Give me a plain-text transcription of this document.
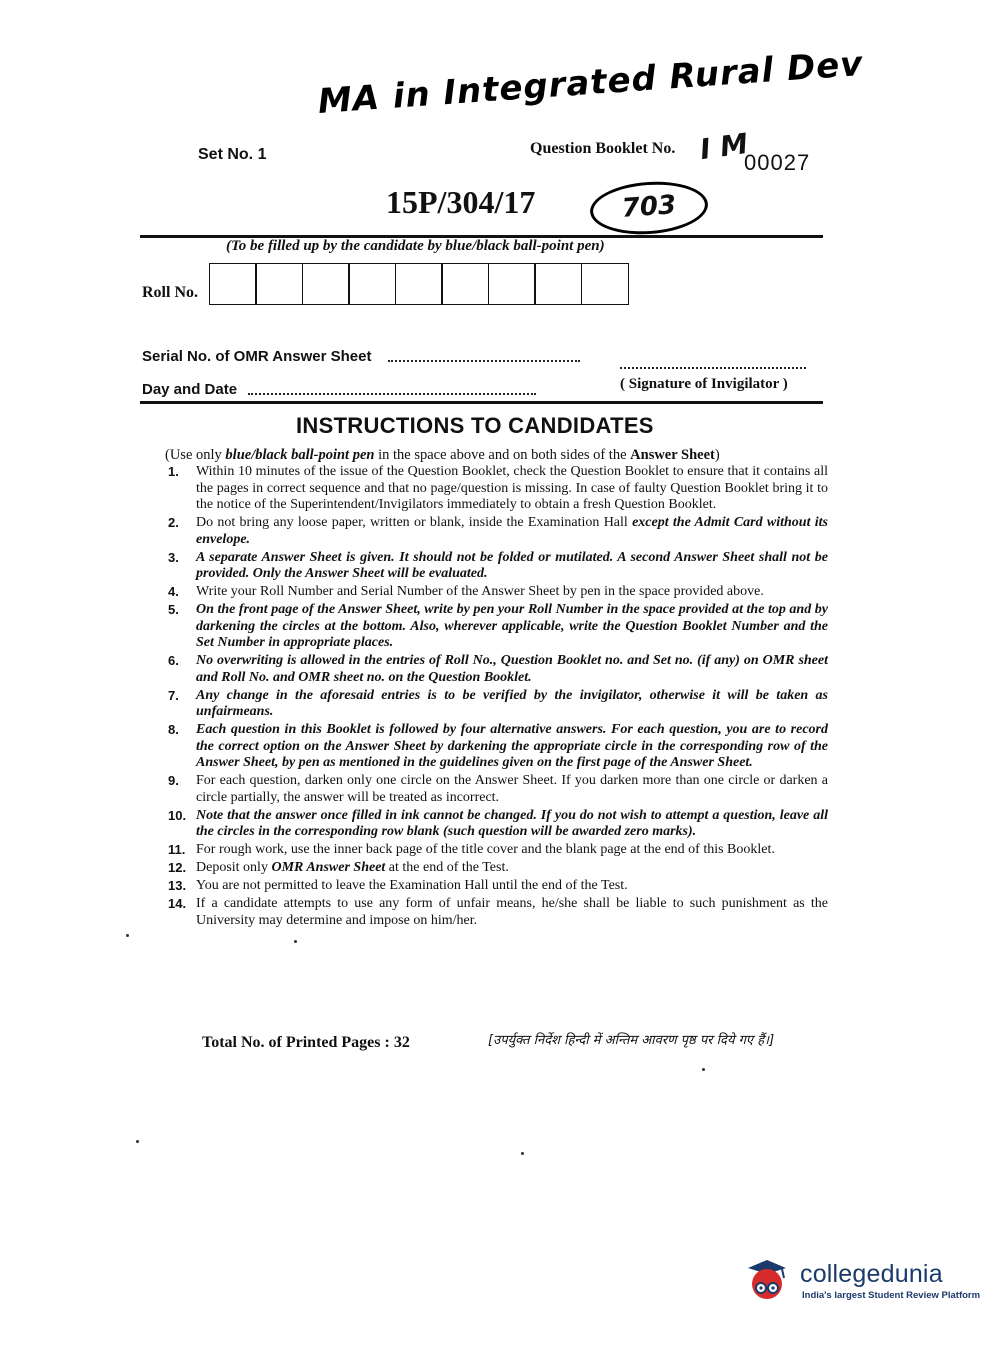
MA in Integrated Rural Dev
Set No. 1	Question Booklet No. I M
00027
15P/304/17	703
(To be filled up by the candidate by blue/black ball-point pen)
Roll No.
Serial No. of OMR Answer Sheet
Day and Date	( Signature of Invigilator )
INSTRUCTIONS TO CANDIDATES
(Use only blue/black ball-point pen in the space above and on both sides of the Answer Sheet)
1.	Within 10 minutes of the issue of the Question Booklet, check the Question Booklet to ensure that it contains all the pages in correct sequence and that no page/question is missing. In case of faulty Question Booklet bring it to the notice of the Superintendent/Invigilators immediately to obtain a fresh Question Booklet.
2.	Do not bring any loose paper, written or blank, inside the Examination Hall except the Admit Card without its envelope.
3.	A separate Answer Sheet is given. It should not be folded or mutilated. A second Answer Sheet shall not be provided. Only the Answer Sheet will be evaluated.
4.	Write your Roll Number and Serial Number of the Answer Sheet by pen in the space provided above.
5.	On the front page of the Answer Sheet, write by pen your Roll Number in the space provided at the top and by darkening the circles at the bottom. Also, wherever applicable, write the Question Booklet Number and the Set Number in appropriate places.
6.	No overwriting is allowed in the entries of Roll No., Question Booklet no. and Set no. (if any) on OMR sheet and Roll No. and OMR sheet no. on the Question Booklet.
7.	Any change in the aforesaid entries is to be verified by the invigilator, otherwise it will be taken as unfairmeans.
8.	Each question in this Booklet is followed by four alternative answers. For each question, you are to record the correct option on the Answer Sheet by darkening the appropriate circle in the corresponding row of the Answer Sheet, by pen as mentioned in the guidelines given on the first page of the Answer Sheet.
9.	For each question, darken only one circle on the Answer Sheet. If you darken more than one circle or darken a circle partially, the answer will be treated as incorrect.
10. Note that the answer once filled in ink cannot be changed. If you do not wish to attempt a question, leave all the circles in the corresponding row blank (such question will be awarded zero marks).
11. For rough work, use the inner back page of the title cover and the blank page at the end of this Booklet.
12. Deposit only OMR Answer Sheet at the end of the Test.
13. You are not permitted to leave the Examination Hall until the end of the Test.
14. If a candidate attempts to use any form of unfair means, he/she shall be liable to such punishment as the University may determine and impose on him/her.
Total No. of Printed Pages : 32	[उपर्युक्त निर्देश हिन्दी में अन्तिम आवरण पृष्ठ पर दिये गए हैं।]
collegedunia
India's largest Student Review Platform
